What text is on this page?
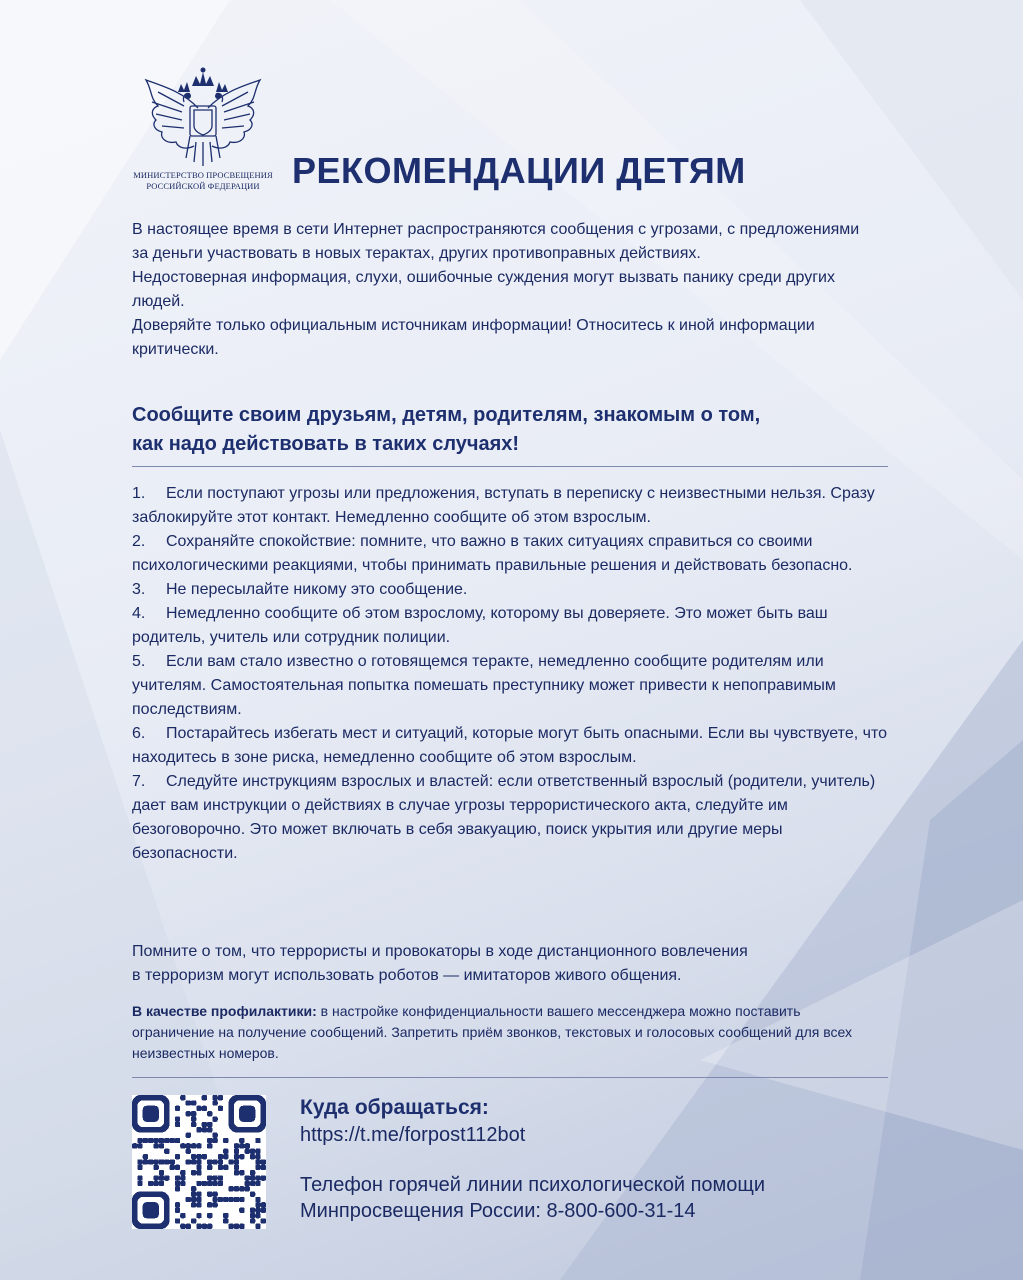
МИНИСТЕРСТВО ПРОСВЕЩЕНИЯ
РОССИЙСКОЙ ФЕДЕРАЦИИ РЕКОМЕНДАЦИИ ДЕТЯМ

В настоящее время в сети Интернет распространяются сообщения с угрозами, с предложениями за деньги участвовать в новых терактах, других противоправных действиях.

Недостоверная информация, слухи, ошибочные суждения могут вызвать панику среди других людей.

Доверяйте только официальным источникам информации! Относитесь к иной информации критически.

Сообщите своим друзьям, детям, родителям, знакомым о том,
как надо действовать в таких случаях!
1. Если поступают угрозы или предложения, вступать в переписку с неизвестными нельзя. Сразу заблокируйте этот контакт. Немедленно сообщите об этом взрослым.
2. Сохраняйте спокойствие: помните, что важно в таких ситуациях справиться со своими психологическими реакциями, чтобы принимать правильные решения и действовать безопасно.
3. Не пересылайте никому это сообщение.
4. Немедленно сообщите об этом взрослому, которому вы доверяете. Это может быть ваш родитель, учитель или сотрудник полиции.
5. Если вам стало известно о готовящемся теракте, немедленно сообщите родителям или учителям. Самостоятельная попытка помешать преступнику может привести к непоправимым последствиям.
6. Постарайтесь избегать мест и ситуаций, которые могут быть опасными. Если вы чувствуете, что находитесь в зоне риска, немедленно сообщите об этом взрослым.
7. Следуйте инструкциям взрослых и властей: если ответственный взрослый (родители, учитель) дает вам инструкции о действиях в случае угрозы террористического акта, следуйте им безоговорочно. Это может включать в себя эвакуацию, поиск укрытия или другие меры безопасности.

Помните о том, что террористы и провокаторы в ходе дистанционного вовлечения
в терроризм могут использовать роботов — имитаторов живого общения.

В качестве профилактики: в настройке конфиденциальности вашего мессенджера можно поставить ограничение на получение сообщений. Запретить приём звонков, текстовых и голосовых сообщений для всех неизвестных номеров.

Куда обращаться:
https://t.me/forpost112bot
Телефон горячей линии психологической помощи
Минпросвещения России: 8-800-600-31-14
